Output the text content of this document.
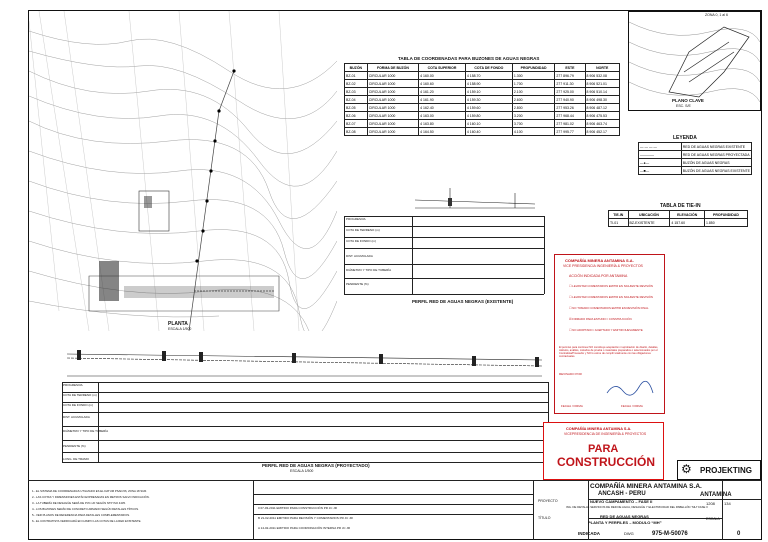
PLANTA
ESCALA 1/500
ZONA 0, 1 al 6
PLANO CLAVE
ESC. S/E
TABLA DE COORDENADAS PARA BUZONES DE AGUAS NEGRAS
BUZÓN	FORMA DE BUZÓN	COTA SUPERIOR	COTA DE FONDO	PROFUNDIDAD	ESTE	NORTE
BZ-01	CIRCULAR 1000	4 160.00	4 158.70	1.300	277 896.79	8 906 532.08
BZ-02	CIRCULAR 1000	4 160.60	4 158.90	1.700	277 911.30	8 906 521.01
BZ-03	CIRCULAR 1000	4 161.20	4 159.10	2.100	277 925.00	8 906 510.14
BZ-04	CIRCULAR 1000	4 161.90	4 159.30	2.600	277 940.90	8 906 498.30
BZ-05	CIRCULAR 1000	4 162.40	4 159.60	2.800	277 953.26	8 906 487.12
BZ-06	CIRCULAR 1000	4 163.00	4 159.80	3.200	277 968.44	8 906 475.53
BZ-07	CIRCULAR 1000	4 163.80	4 160.10	3.700	277 981.02	8 906 463.74
BZ-08	CIRCULAR 1000	4 164.50	4 160.40	4.100	277 995.77	8 906 452.17
LEYENDA
— — — —	RED DE AGUAS NEGRAS EXISTENTE
————	RED DE AGUAS NEGRAS PROYECTADA
—●—	BUZÓN DE AGUAS NEGRAS
—■—	BUZÓN DE AGUAS NEGRAS EXISTENTE
TABLA DE TIE-IN
TIE-IN	UBICACIÓN	ELEVACIÓN	PROFUNDIDAD
TI-01	BZ-EXISTENTE	4 157.60	1.850
PROGRESIVA
COTA DE TERRENO (m)
COTA DE FONDO (m)
DIST. ACUMULADA
DIÁMETRO Y TIPO DE TUBERÍA
PENDIENTE (%)
PERFIL RED DE AGUAS NEGRAS (EXISTENTE)
PROGRESIVA
COTA DE TERRENO (m)
COTA DE FONDO (m)
DIST. ACUMULADA
DIÁMETRO Y TIPO DE TUBERÍA
PENDIENTE (%)
LONG. DE TRAMO
PERFIL RED DE AGUAS NEGRAS (PROYECTADO)
ESCALA 1/500
COMPAÑÍA MINERA ANTAMINA S.A.
VICE PRESIDENCIA INGENIERÍA & PROYECTOS
ACCIÓN INDICADA POR ANTAMINA
☐ LEVANTAR COMENTARIOS EMITIR EN SIGUIENTE REVISIÓN
☐ LEVANTAR COMENTARIOS EMITIR EN SIGUIENTE REVISIÓN
☐ NO TOMADO COMENTARIOS EMITIR EN REVISIÓN FINAL
☒ FIRMADO PARA ESTUDIO / CONSTRUCCIÓN
☐ NO ADOPTADO / ACEPTADO Y EMITIR NUEVAMENTE
El permiso para continuar NO constituye aceptación ni aprobación de diseño, detalles, cálculos, análisis, métodos de prueba o materiales preparados o seleccionados por el Contratista/Proveedor y NO lo exime de cumplir totalmente con las obligaciones contractuales.
REVISADO POR
FECHA / FIRMA	FECHA / FIRMA
COMPAÑÍA MINERA ANTAMINA S.A.
VICEPRESIDENCIA DE INGENIERÍA & PROYECTOS
PARA
CONSTRUCCIÓN ⚙ PROJEKTING
1.- EL SISTEMA DE COORDENADAS UTILIZADO ES EL DATUM PSAD-56, ZONA 18 SUR.
2.- LAS COTAS Y DIMENSIONES ESTÁN EXPRESADAS EN METROS SALVO INDICACIÓN.
3.- LA TUBERÍA DE DESAGÜE SERÁ DE PVC-UF SEGÚN NTP ISO 4435.
4.- LOS BUZONES SERÁN DE CONCRETO ARMADO SEGÚN DETALLES TÍPICOS.
5.- VER PLANOS DE REFERENCIA PARA DETALLES COMPLEMENTARIOS.
6.- EL CONTRATISTA VERIFICARÁ EN CAMPO LAS COTAS DE LA RED EXISTENTE.
0 07-03-2011 EMITIDO PARA CONSTRUCCIÓN PR JC JR
B 21-02-2011 EMITIDO PARA REVISIÓN Y COMENTARIOS PR JC JR
A 14-02-2011 EMITIDO PARA COORDINACIÓN INTERNA PR JC JR
COMPAÑÍA MINERA ANTAMINA S.A.
ANCASH - PERU	ANTAMINA
1208 134
PROYECTO	NUEVO CAMPAMENTO – FASE II
ING. DE DETALLE SERVICIOS DE RED DE AGUA, DESAGÜE Y ELECTRICIDAD DEL PABELLÓN “MH” FASE II
TÍTULO	RED DE AGUAS NEGRAS
PLANTA Y PERFILES – MODULO “MH”
ESCALA
INDICADA	DWG	975-M-50076	0
